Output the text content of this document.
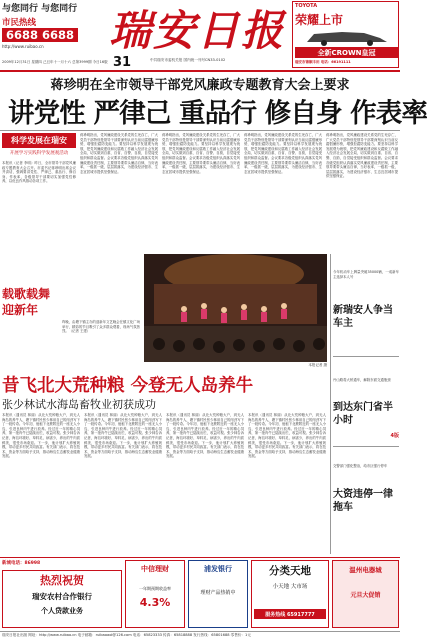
与您同行 与您同行
市民热线
6688 6688
http://www.ruibao.cn
2009年12月31日 星期四 己丑年十一月十六 总第3999期 今日16版 31
瑞安日报
中共瑞安市委机关报 国内统一刊号CN33-0102
TOYOTA
荣耀上市
全新CROWN皇冠
瑞安市锦顺丰田 电话：66191111
蒋珍明在全市领导干部党风廉政专题教育大会上要求
讲党性 严律己 重品行 修自身 作表率
科学发展在瑞安
开展学习实践科学发展观活动
本报讯（记者 李明）昨日，全市领导干部党风廉政专题教育大会召开。市委书记蒋珍明出席会议并讲话，强调要讲党性、严律己、重品行、修自身、作表率，各级领导干部要切实加强党性修养，以优良作风推动各项工作。
蒋珍明指出，党风廉政建设关系党的生死存亡，广大党员干部特别是领导干部要深刻认识当前反腐倡廉形势，增强拒腐防变能力。要坚持以科学发展观为统领，把党风廉政建设和反腐败工作融入经济社会发展全局，切实做到自重、自省、自警、自励，自觉接受组织和群众监督。会议要求各级党组织认真落实党风廉政建设责任制，主要领导要带头廉洁自律，当好表率，一级抓一级，层层抓落实，为建设经济强市、生态宜居城市提供坚强保证。
蒋珍明指出，党风廉政建设关系党的生死存亡，广大党员干部特别是领导干部要深刻认识当前反腐倡廉形势，增强拒腐防变能力。要坚持以科学发展观为统领，把党风廉政建设和反腐败工作融入经济社会发展全局，切实做到自重、自省、自警、自励，自觉接受组织和群众监督。会议要求各级党组织认真落实党风廉政建设责任制，主要领导要带头廉洁自律，当好表率，一级抓一级，层层抓落实，为建设经济强市、生态宜居城市提供坚强保证。
蒋珍明指出，党风廉政建设关系党的生死存亡，广大党员干部特别是领导干部要深刻认识当前反腐倡廉形势，增强拒腐防变能力。要坚持以科学发展观为统领，把党风廉政建设和反腐败工作融入经济社会发展全局，切实做到自重、自省、自警、自励，自觉接受组织和群众监督。会议要求各级党组织认真落实党风廉政建设责任制，主要领导要带头廉洁自律，当好表率，一级抓一级，层层抓落实，为建设经济强市、生态宜居城市提供坚强保证。
蒋珍明指出，党风廉政建设关系党的生死存亡，广大党员干部特别是领导干部要深刻认识当前反腐倡廉形势，增强拒腐防变能力。要坚持以科学发展观为统领，把党风廉政建设和反腐败工作融入经济社会发展全局，切实做到自重、自省、自警、自励，自觉接受组织和群众监督。会议要求各级党组织认真落实党风廉政建设责任制，主要领导要带头廉洁自律，当好表率，一级抓一级，层层抓落实，为建设经济强市、生态宜居城市提供坚强保证。
载歌载舞
迎新年
昨晚，由塘下镇主办的迎新年文艺晚会在镇文化广场举行，精彩的节目吸引了众多群众观看，现场气氛热烈。（记者 王建）
本报记者 摄
昔飞北大荒种粮 今登无人岛养牛
张少林试水海岛畜牧业初获成功
本报讯（通讯员 林丽）从北大荒种粮大户，到无人海岛的养牛人，塘下镇村民张少林用自己的闯劲写下了一段传奇。今年初，他租下北麂附近的一座无人小岛，引进良种肉牛进行放养。经过近一年的精心饲养，第一批肉牛已陆续出栏，收益可观。张少林告诉记者，海岛环境好、草料足、病害少，养出的牛肉质鲜美，很受市场欢迎。下一步，他计划扩大养殖规模，带动更多村民共同致富。有关部门表示，将在技术、资金等方面给予支持，推动海岛生态畜牧业健康发展。
本报讯（通讯员 林丽）从北大荒种粮大户，到无人海岛的养牛人，塘下镇村民张少林用自己的闯劲写下了一段传奇。今年初，他租下北麂附近的一座无人小岛，引进良种肉牛进行放养。经过近一年的精心饲养，第一批肉牛已陆续出栏，收益可观。张少林告诉记者，海岛环境好、草料足、病害少，养出的牛肉质鲜美，很受市场欢迎。下一步，他计划扩大养殖规模，带动更多村民共同致富。有关部门表示，将在技术、资金等方面给予支持，推动海岛生态畜牧业健康发展。
本报讯（通讯员 林丽）从北大荒种粮大户，到无人海岛的养牛人，塘下镇村民张少林用自己的闯劲写下了一段传奇。今年初，他租下北麂附近的一座无人小岛，引进良种肉牛进行放养。经过近一年的精心饲养，第一批肉牛已陆续出栏，收益可观。张少林告诉记者，海岛环境好、草料足、病害少，养出的牛肉质鲜美，很受市场欢迎。下一步，他计划扩大养殖规模，带动更多村民共同致富。有关部门表示，将在技术、资金等方面给予支持，推动海岛生态畜牧业健康发展。
本报讯（通讯员 林丽）从北大荒种粮大户，到无人海岛的养牛人，塘下镇村民张少林用自己的闯劲写下了一段传奇。今年初，他租下北麂附近的一座无人小岛，引进良种肉牛进行放养。经过近一年的精心饲养，第一批肉牛已陆续出栏，收益可观。张少林告诉记者，海岛环境好、草料足、病害少，养出的牛肉质鲜美，很受市场欢迎。下一步，他计划扩大养殖规模，带动更多村民共同致富。有关部门表示，将在技术、资金等方面给予支持，推动海岛生态畜牧业健康发展。
今年机动车上牌量突破35000辆，一成新车主选择本人号
新瑞安人争当车主
丹山路将大桥通车，解除东面交通瓶颈
到达东门省半小时
4版
交警部门强化整治，给市区强行停车
大资违停一律拖车
新城电话：86998
热烈祝贺
瑞安农村合作银行
个人贷款业务
中信理财
一年期预期收益率
4.3%
浦发银行
理财产品热销中
分类天地
小天地 大市场
服务热线 65917777
温州电器城
元旦大促销
瑞安日报社出版 网址：http://www.ruibao.cn 电子邮箱：ruibaoaol@126.com 电话：65823333 传真：65818888 发行热线：65801688 零售价：1元
